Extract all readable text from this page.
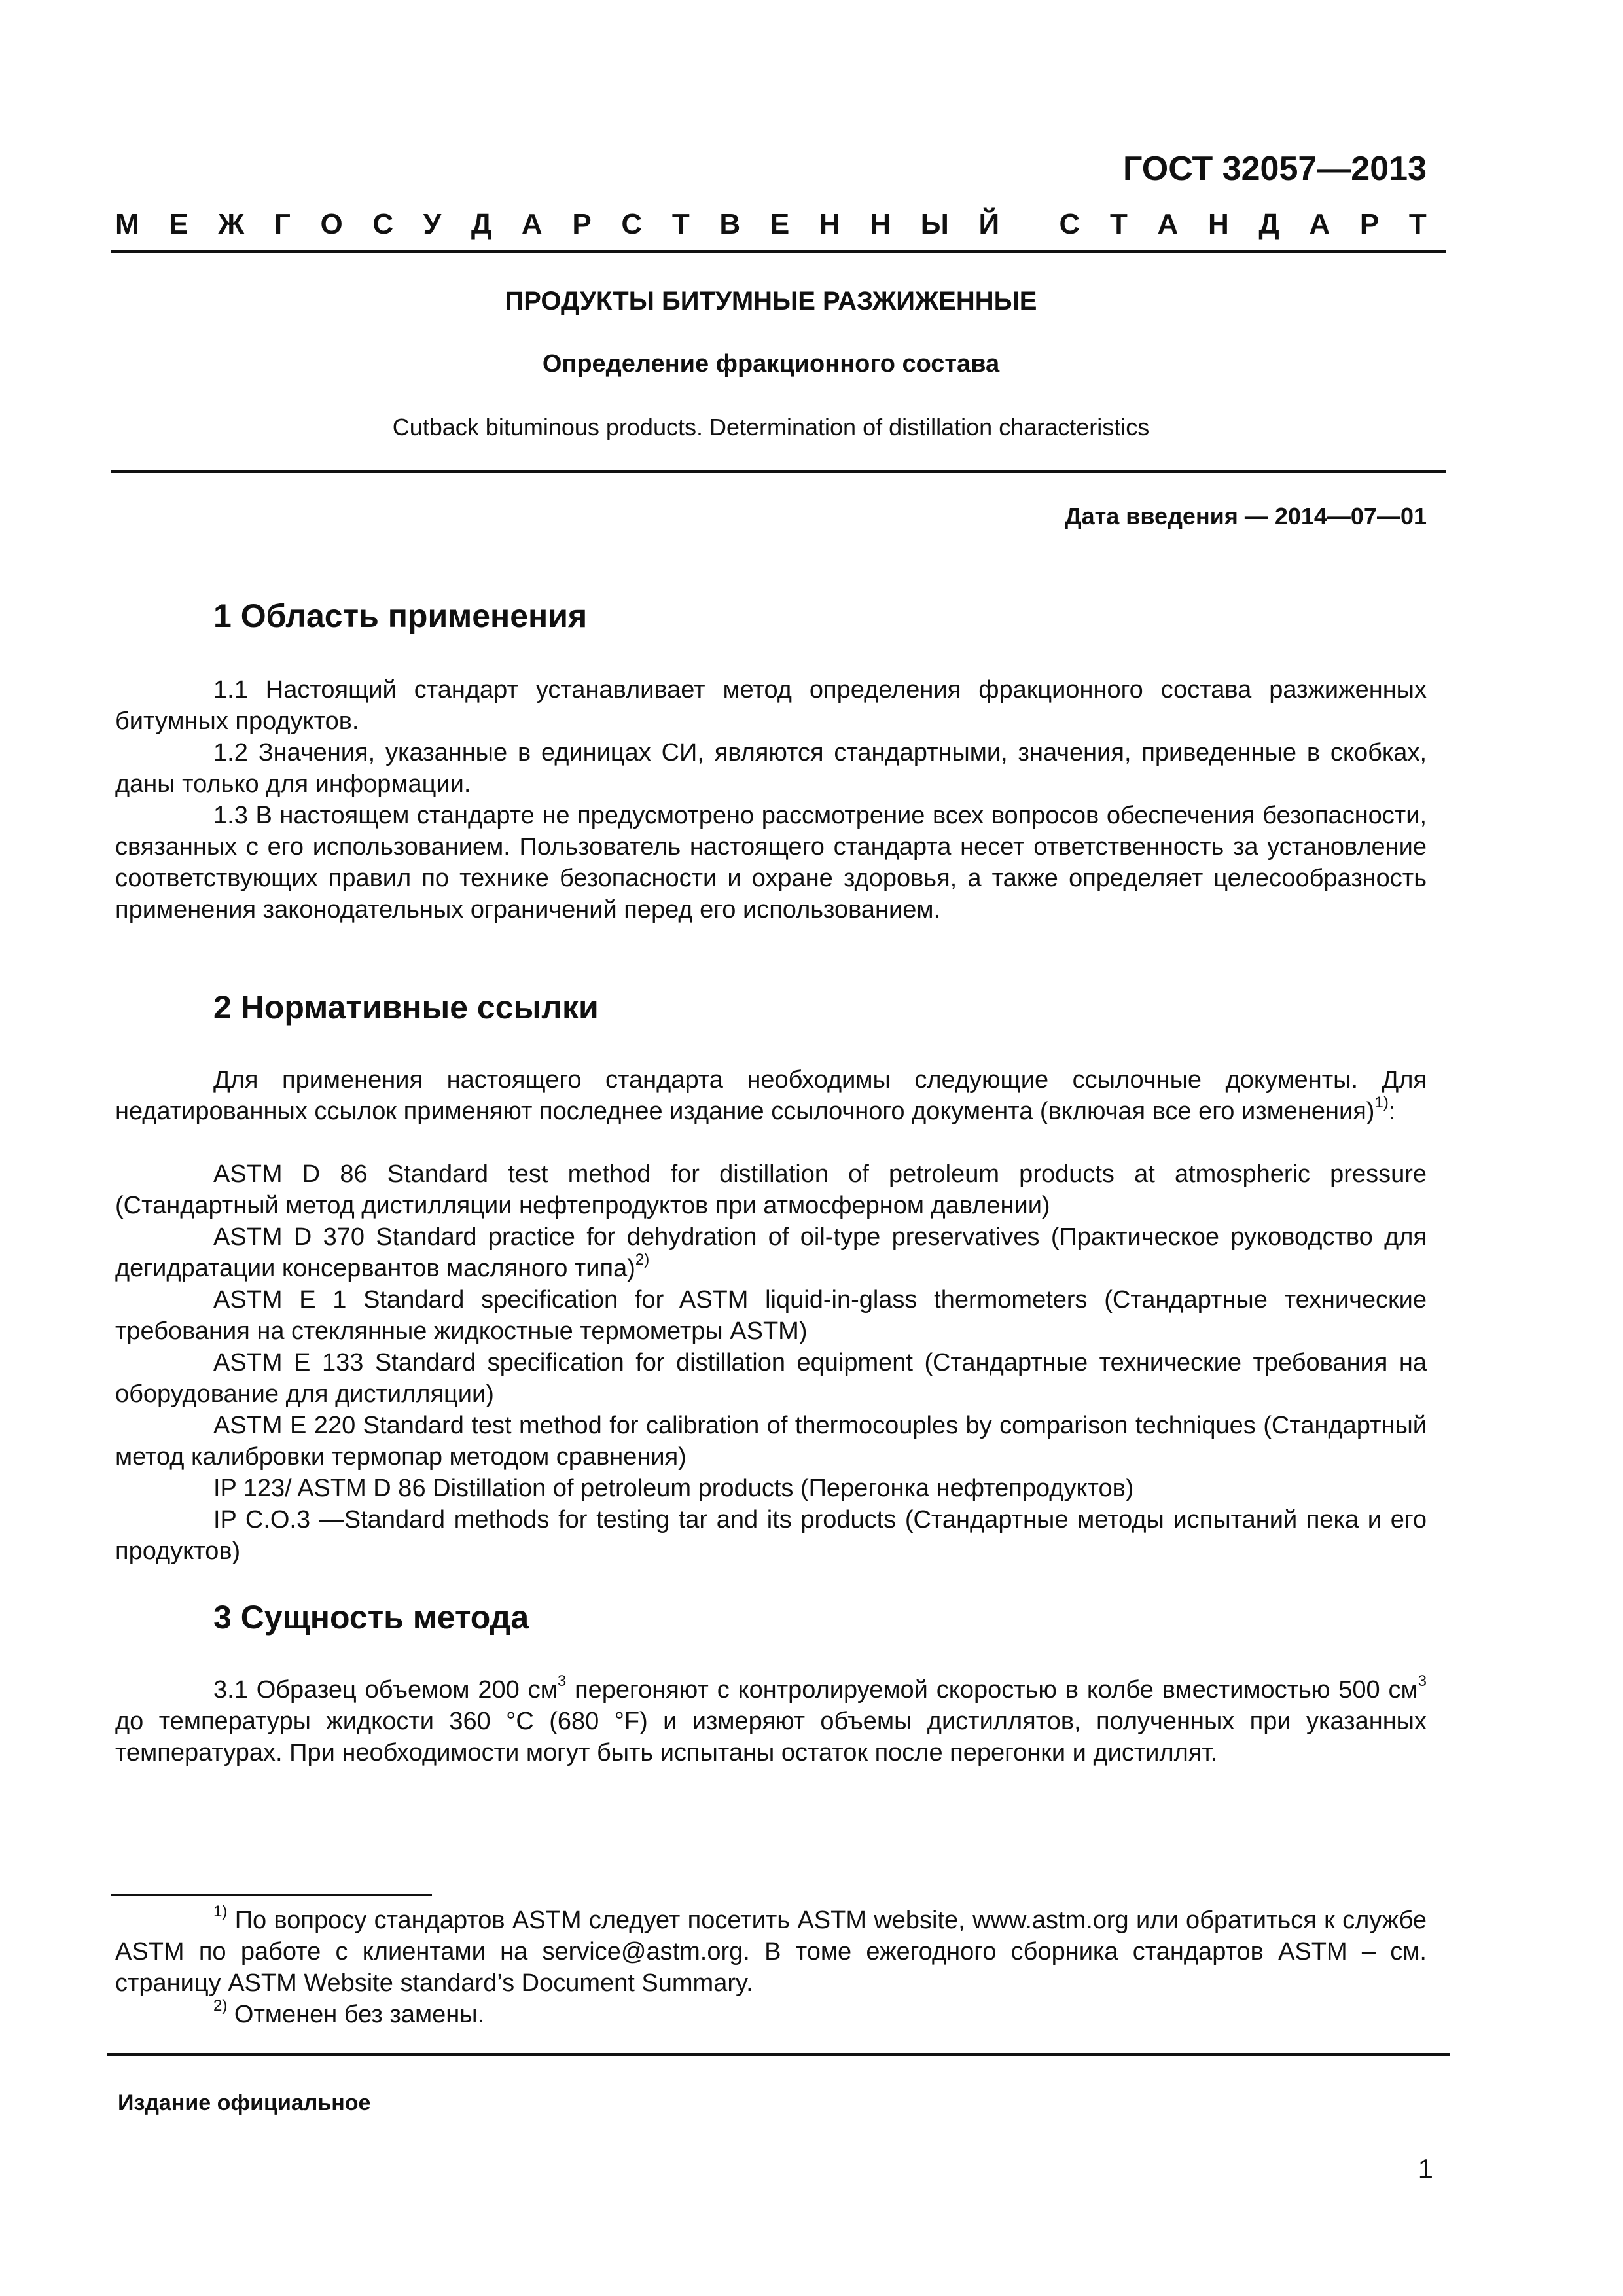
ГОСТ 32057—2013
М Е Ж Г О С У Д А Р С Т В Е Н Н Ы Й С Т А Н Д А Р Т
ПРОДУКТЫ БИТУМНЫЕ РАЗЖИЖЕННЫЕ
Определение фракционного состава
Cutback bituminous products. Determination of distillation characteristics
Дата введения — 2014—07—01
1 Область применения

1.1 Настоящий стандарт устанавливает метод определения фракционного состава разжиженных битумных продуктов.

1.2 Значения, указанные в единицах СИ, являются стандартными, значения, приведенные в скобках, даны только для информации.

1.3 В настоящем стандарте не предусмотрено рассмотрение всех вопросов обеспечения безопасности, связанных с его использованием. Пользователь настоящего стандарта несет ответственность за установление соответствующих правил по технике безопасности и охране здоровья, а также определяет целесообразность применения законодательных ограничений перед его использованием.

2 Нормативные ссылки

Для применения настоящего стандарта необходимы следующие ссылочные документы. Для недатированных ссылок применяют последнее издание ссылочного документа (включая все его изменения)$^{1)}$:

ASTM D 86 Standard test method for distillation of petroleum products at atmospheric pressure (Стандартный метод дистилляции нефтепродуктов при атмосферном давлении)

ASTM D 370 Standard practice for dehydration of oil-type preservatives (Практическое руководство для дегидратации консервантов масляного типа)$^{2)}$

ASTM E 1 Standard specification for ASTM liquid-in-glass thermometers (Стандартные технические требования на стеклянные жидкостные термометры ASTM)

ASTM E 133 Standard specification for distillation equipment (Стандартные технические требования на оборудование для дистилляции)

ASTM E 220 Standard test method for calibration of thermocouples by comparison techniques (Стандартный метод калибровки термопар методом сравнения)

IP 123/ ASTM D 86 Distillation of petroleum products (Перегонка нефтепродуктов)

IP C.O.3 —Standard methods for testing tar and its products (Стандартные методы испытаний пека и его продуктов)

3 Сущность метода

3.1 Образец объемом 200 $см^3$ перегоняют с контролируемой скоростью в колбе вместимостью 500 $см^3$ до температуры жидкости 360 °С (680 °F) и измеряют объемы дистиллятов, полученных при указанных температурах. При необходимости могут быть испытаны остаток после перегонки и дистиллят.

$^{1)}$ По вопросу стандартов ASTM следует посетить ASTM website, www.astm.org или обратиться к службе ASTM по работе с клиентами на service@astm.org. В томе ежегодного сборника стандартов ASTM – см. страницу ASTM Website standard’s Document Summary.

$^{2)}$ Отменен без замены.

Издание официальное
1
